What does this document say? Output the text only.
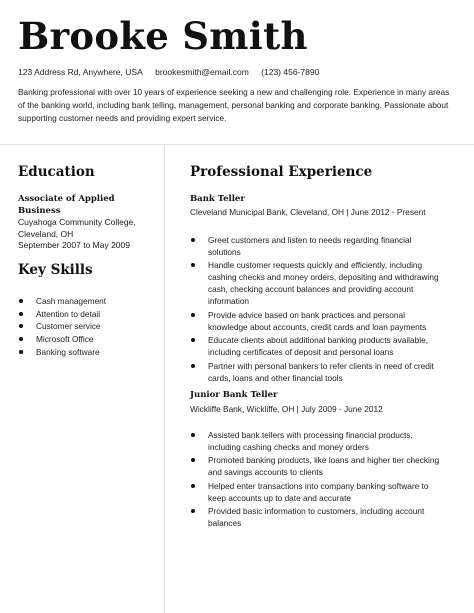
Brooke Smith
123 Address Rd, Anywhere, USA brookesmith@email.com (123) 456-7890
Banking professional with over 10 years of experience seeking a new and challenging role. Experience in many areas of the banking world, including bank telling, management, personal banking and corporate banking. Passionate about supporting customer needs and providing expert service.
Education
Associate of Applied Business
Cuyahoga Community College,
Cleveland, OH
September 2007 to May 2009
Key Skills
Cash management
Attention to detail
Customer service
Microsoft Office
Banking software
Professional Experience
Bank Teller
Cleveland Municipal Bank, Cleveland, OH | June 2012 - Present
Greet customers and listen to needs regarding financial solutions
Handle customer requests quickly and efficiently, including cashing checks and money orders, depositing and withdrawing cash, checking account balances and providing account information
Provide advice based on bank practices and personal knowledge about accounts, credit cards and loan payments
Educate clients about additional banking products available, including certificates of deposit and personal loans
Partner with personal bankers to refer clients in need of credit cards, loans and other financial tools
Junior Bank Teller
Wickliffe Bank, Wickliffe, OH | July 2009 - June 2012
Assisted bank tellers with processing financial products, including cashing checks and money orders
Promoted banking products, like loans and higher tier checking and savings accounts to clients
Helped enter transactions into company banking software to keep accounts up to date and accurate
Provided basic information to customers, including account balances
